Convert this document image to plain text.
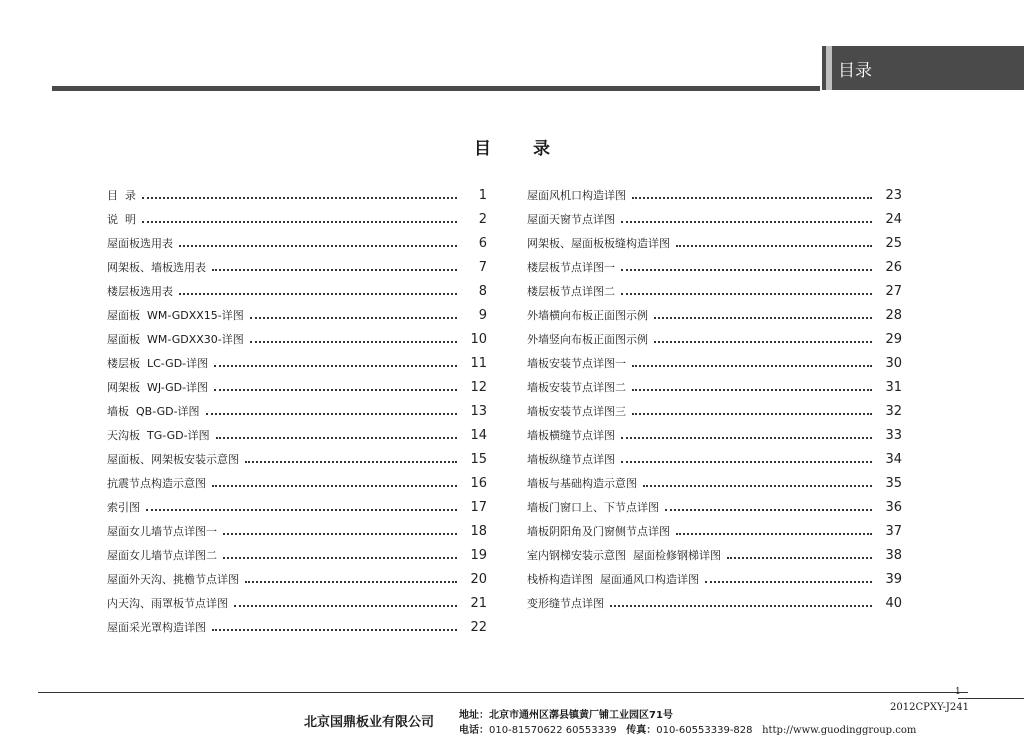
目录
目 录
目  录	1
说  明	2
屋面板选用表	6
网架板、墙板选用表	7
楼层板选用表	8
屋面板  WM-GDXX15-详图	9
屋面板  WM-GDXX30-详图	10
楼层板  LC-GD-详图	11
网架板  WJ-GD-详图	12
墙板  QB-GD-详图	13
天沟板  TG-GD-详图	14
屋面板、网架板安装示意图	15
抗震节点构造示意图	16
索引图	17
屋面女儿墙节点详图一	18
屋面女儿墙节点详图二	19
屋面外天沟、挑檐节点详图	20
内天沟、雨罩板节点详图	21
屋面采光罩构造详图	22
屋面风机口构造详图	23
屋面天窗节点详图	24
网架板、屋面板板缝构造详图	25
楼层板节点详图一	26
楼层板节点详图二	27
外墙横向布板正面图示例	28
外墙竖向布板正面图示例	29
墙板安装节点详图一	30
墙板安装节点详图二	31
墙板安装节点详图三	32
墙板横缝节点详图	33
墙板纵缝节点详图	34
墙板与基础构造示意图	35
墙板门窗口上、下节点详图	36
墙板阴阳角及门窗侧节点详图	37
室内钢梯安装示意图  屋面检修钢梯详图	38
栈桥构造详图  屋面通风口构造详图	39
变形缝节点详图	40
1
2012CPXY-J241
北京国鼎板业有限公司 地址：北京市通州区漷县镇黄厂铺工业园区71号
电话：010-81570622 60553339 传真：010-60553339-828 http://www.guodinggroup.com
